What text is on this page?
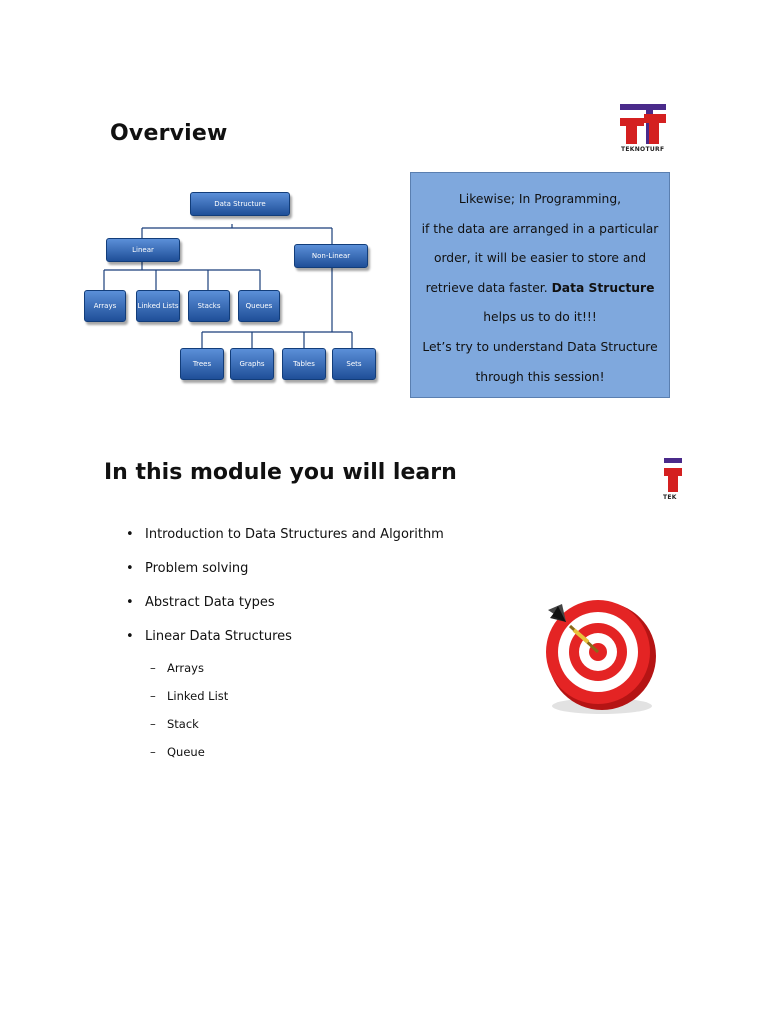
Overview
TEKNOTURF
Data Structure
Linear
Non-Linear
Arrays	Linked Lists	Stacks	Queues
Trees	Graphs	Tables	Sets

Likewise; In Programming,

if the data are arranged in a particular

order, it will be easier to store and

retrieve data faster. Data Structure

helps us to do it!!!

Let’s try to understand Data Structure

through this session!

In this module you will learn
TEK
• Introduction to Data Structures and Algorithm
• Problem solving
• Abstract Data types
• Linear Data Structures
– Arrays
– Linked List
– Stack
– Queue
